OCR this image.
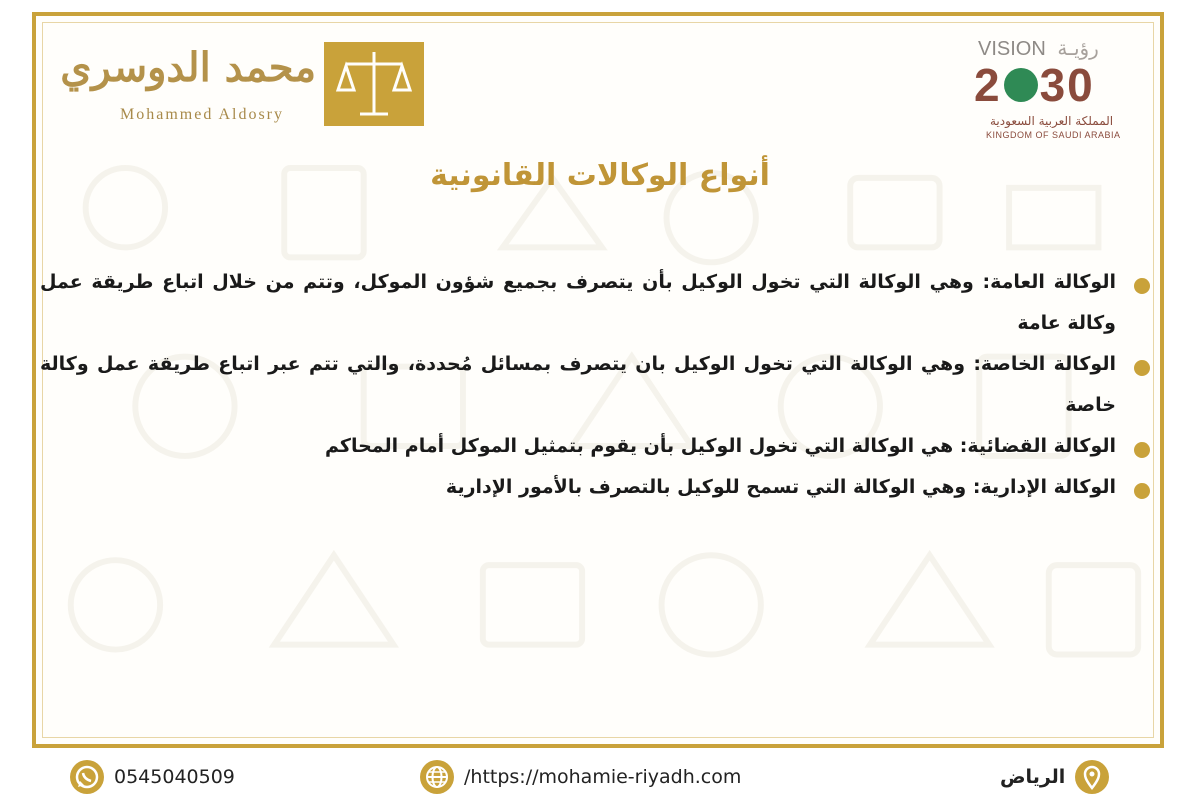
محمد الدوسري
Mohammed Aldosry
VISION رؤيـة
2 30
المملكة العربية السعودية
KINGDOM OF SAUDI ARABIA
أنواع الوكالات القانونية
الوكالة العامة: وهي الوكالة التي تخول الوكيل بأن يتصرف بجميع شؤون الموكل، وتتم من خلال اتباع طريقة عمل وكالة عامة
الوكالة الخاصة: وهي الوكالة التي تخول الوكيل بان يتصرف بمسائل مُحددة، والتي تتم عبر اتباع طريقة عمل وكالة خاصة
الوكالة القضائية: هي الوكالة التي تخول الوكيل بأن يقوم بتمثيل الموكل أمام المحاكم
الوكالة الإدارية: وهي الوكالة التي تسمح للوكيل بالتصرف بالأمور الإدارية
0545040509	/https://mohamie-riyadh.com	الرياض
